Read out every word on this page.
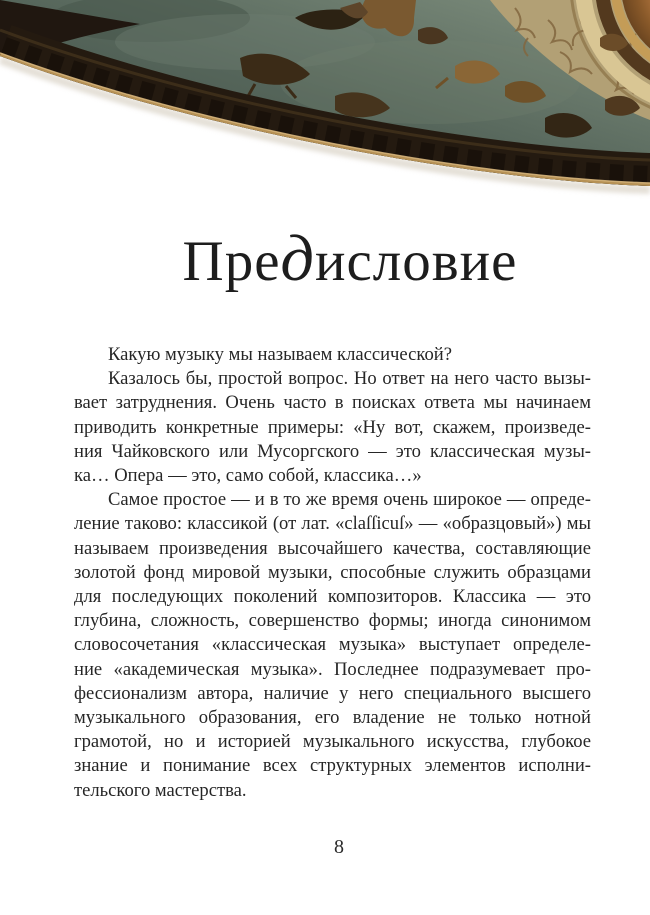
Предисловие
Какую музыку мы называем классической?
Казалось бы, простой вопрос. Но ответ на него часто вызы-
вает затруднения. Очень часто в поисках ответа мы начинаем
приводить конкретные примеры: «Ну вот, скажем, произведе-
ния Чайковского или Мусоргского — это классическая музы-
ка… Опера — это, само собой, классика…»
Самое простое — и в то же время очень широкое — опреде-
ление таково: классикой (от лат. «claſſicuſ» — «образцовый») мы
называем произведения высочайшего качества, составляющие
золотой фонд мировой музыки, способные служить образцами
для последующих поколений композиторов. Классика — это
глубина, сложность, совершенство формы; иногда синонимом
словосочетания «классическая музыка» выступает определе-
ние «академическая музыка». Последнее подразумевает про-
фессионализм автора, наличие у него специального высшего
музыкального образования, его владение не только нотной
грамотой, но и историей музыкального искусства, глубокое
знание и понимание всех структурных элементов исполни-
тельского мастерства.
8
